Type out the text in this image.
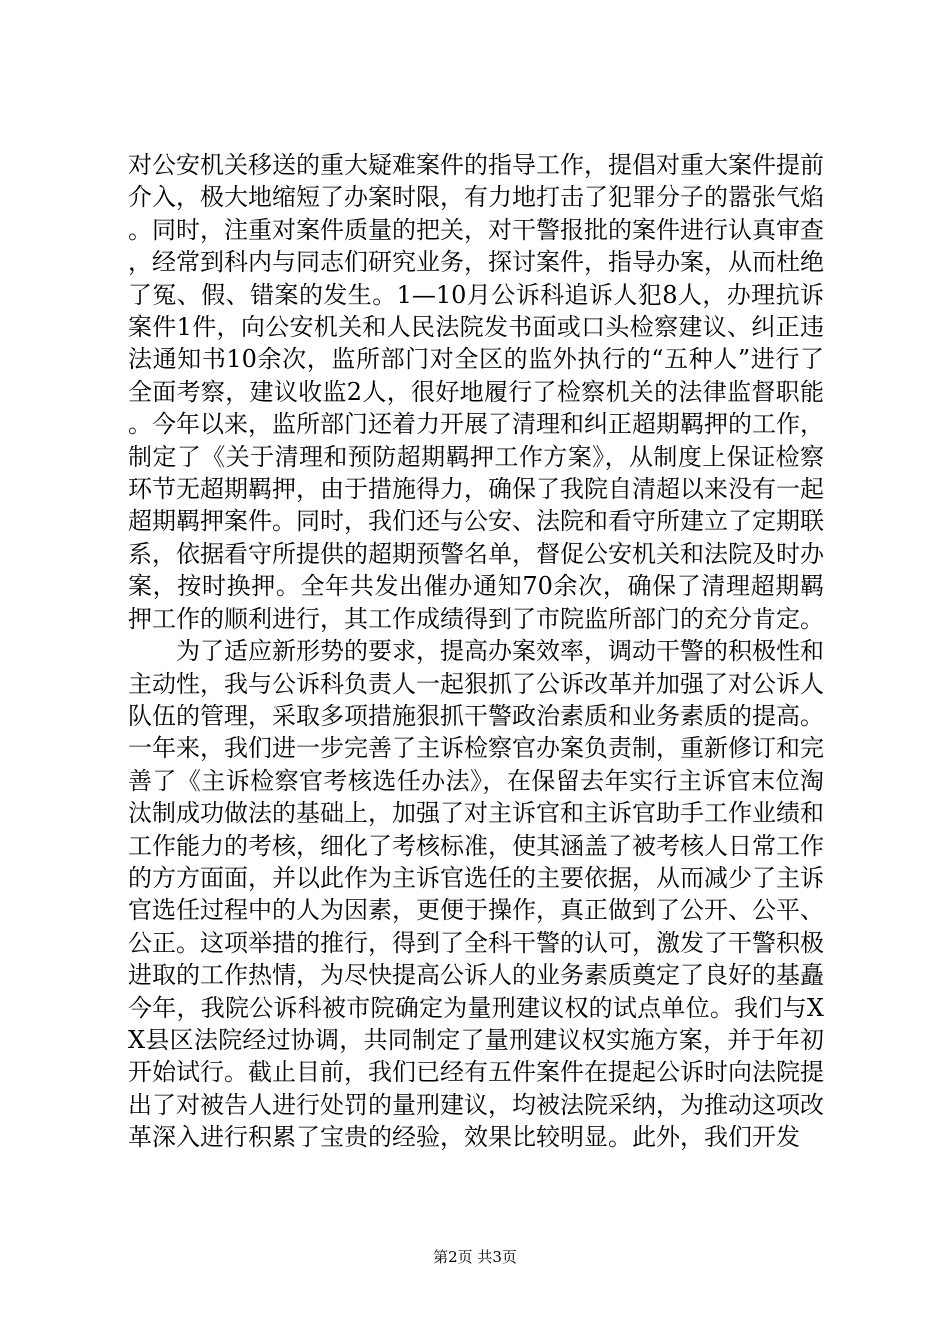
对公安机关移送的重大疑难案件的指导工作，提倡对重大案件提前介入，极大地缩短了办案时限，有力地打击了犯罪分子的嚣张气焰。同时，注重对案件质量的把关，对干警报批的案件进行认真审查，经常到科内与同志们研究业务，探讨案件，指导办案，从而杜绝了冤、假、错案的发生。1—10月公诉科追诉人犯8人，办理抗诉案件1件，向公安机关和人民法院发书面或口头检察建议、纠正违法通知书10余次，监所部门对全区的监外执行的“五种人”进行了全面考察，建议收监2人，很好地履行了检察机关的法律监督职能。今年以来，监所部门还着力开展了清理和纠正超期羁押的工作，制定了《关于清理和预防超期羁押工作方案》，从制度上保证检察环节无超期羁押，由于措施得力，确保了我院自清超以来没有一起超期羁押案件。同时，我们还与公安、法院和看守所建立了定期联系，依据看守所提供的超期预警名单，督促公安机关和法院及时办案，按时换押。全年共发出催办通知70余次，确保了清理超期羁押工作的顺利进行，其工作成绩得到了市院监所部门的充分肯定。

为了适应新形势的要求，提高办案效率，调动干警的积极性和主动性，我与公诉科负责人一起狠抓了公诉改革并加强了对公诉人队伍的管理，采取多项措施狠抓干警政治素质和业务素质的提高。一年来，我们进一步完善了主诉检察官办案负责制，重新修订和完善了《主诉检察官考核选任办法》，在保留去年实行主诉官末位淘汰制成功做法的基础上，加强了对主诉官和主诉官助手工作业绩和工作能力的考核，细化了考核标准，使其涵盖了被考核人日常工作的方方面面，并以此作为主诉官选任的主要依据，从而减少了主诉官选任过程中的人为因素，更便于操作，真正做到了公开、公平、公正。这项举措的推行，得到了全科干警的认可，激发了干警积极进取的工作热情，为尽快提高公诉人的业务素质奠定了良好的基矗今年，我院公诉科被市院确定为量刑建议权的试点单位。我们与XX县区法院经过协调，共同制定了量刑建议权实施方案，并于年初开始试行。截止目前，我们已经有五件案件在提起公诉时向法院提出了对被告人进行处罚的量刑建议，均被法院采纳，为推动这项改革深入进行积累了宝贵的经验，效果比较明显。此外，我们开发

第2页 共3页
